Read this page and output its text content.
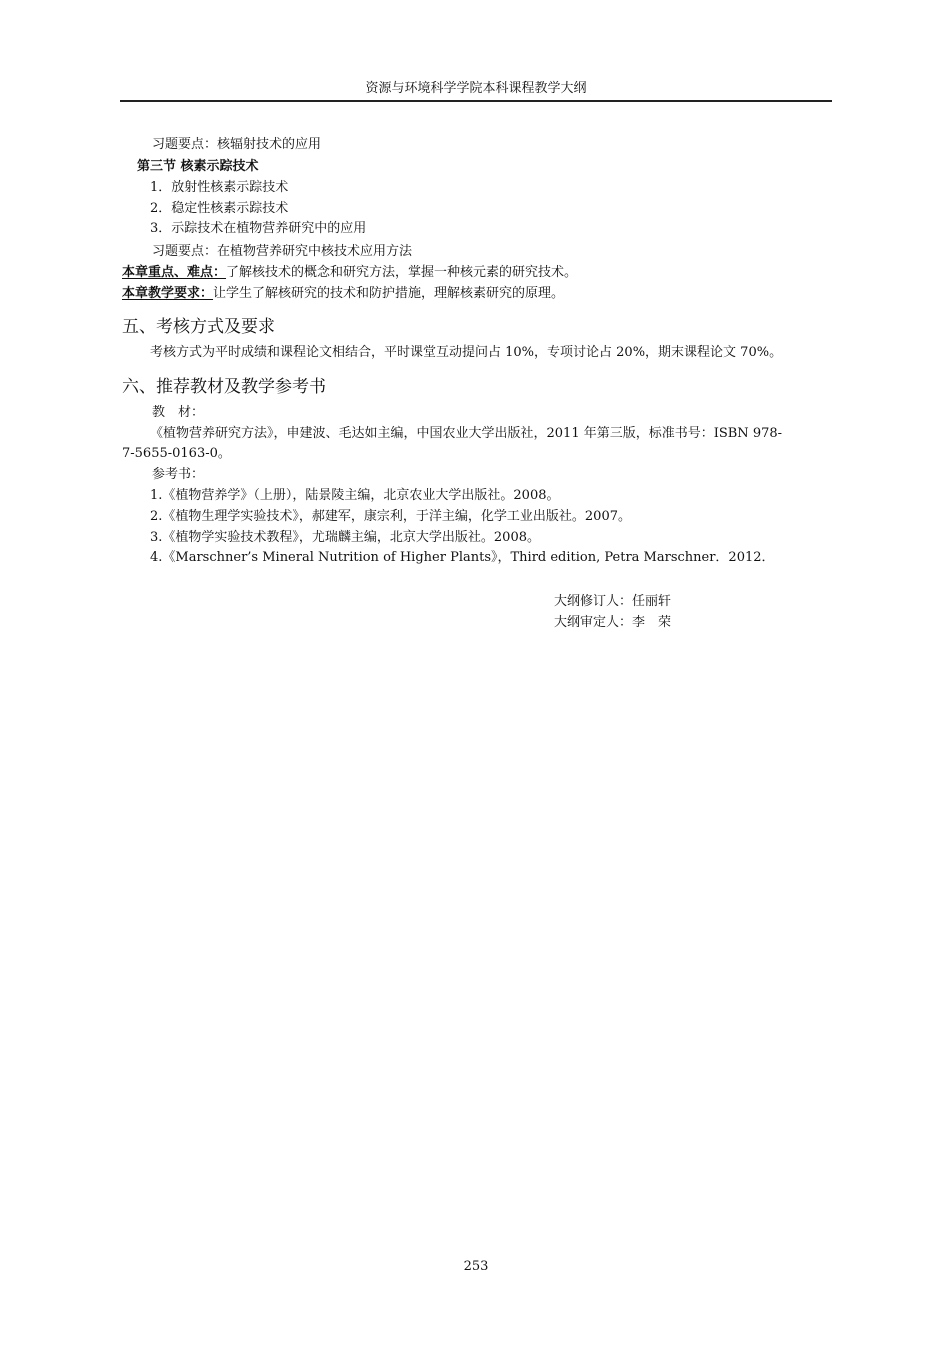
资源与环境科学学院本科课程教学大纲
习题要点：核辐射技术的应用
第三节 核素示踪技术
1．放射性核素示踪技术
2．稳定性核素示踪技术
3．示踪技术在植物营养研究中的应用
习题要点：在植物营养研究中核技术应用方法
本章重点、难点：了解核技术的概念和研究方法，掌握一种核元素的研究技术。
本章教学要求：让学生了解核研究的技术和防护措施，理解核素研究的原理。
五、考核方式及要求
考核方式为平时成绩和课程论文相结合，平时课堂互动提问占 10%，专项讨论占 20%，期末课程论文 70%。
六、推荐教材及教学参考书
教　材：
《植物营养研究方法》，申建波、毛达如主编，中国农业大学出版社，2011 年第三版，标准书号：ISBN 978-
7-5655-0163-0。
参考书：
1.《植物营养学》（上册），陆景陵主编，北京农业大学出版社。2008。
2.《植物生理学实验技术》，郝建军，康宗利，于洋主编，化学工业出版社。2007。
3.《植物学实验技术教程》，尤瑞麟主编，北京大学出版社。2008。
4.《Marschner’s Mineral Nutrition of Higher Plants》，Third edition, Petra Marschner．2012．
大纲修订人：任丽轩
大纲审定人：李　荣
253
